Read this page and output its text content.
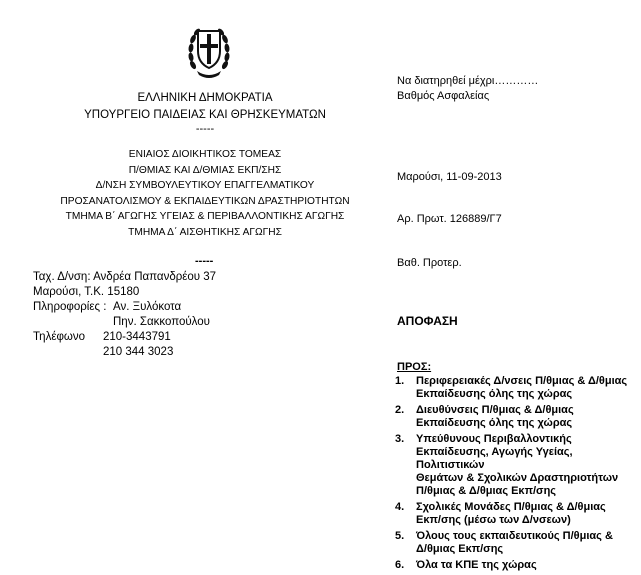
ΕΛΛΗΝΙΚΗ ΔΗΜΟΚΡΑΤΙΑ
ΥΠΟΥΡΓΕΙΟ ΠΑΙΔΕΙΑΣ ΚΑΙ ΘΡΗΣΚΕΥΜΑΤΩΝ
-----
ΕΝΙΑΙΟΣ ΔΙΟΙΚΗΤΙΚΟΣ ΤΟΜΕΑΣ
Π/ΘΜΙΑΣ ΚΑΙ Δ/ΘΜΙΑΣ ΕΚΠ/ΣΗΣ
Δ/ΝΣΗ ΣΥΜΒΟΥΛΕΥΤΙΚΟΥ ΕΠΑΓΓΕΛΜΑΤΙΚΟΥ
ΠΡΟΣΑΝΑΤΟΛΙΣΜΟΥ & ΕΚΠΑΙΔΕΥΤΙΚΩΝ ΔΡΑΣΤΗΡΙΟΤΗΤΩΝ
ΤΜΗΜΑ Β΄ ΑΓΩΓΗΣ ΥΓΕΙΑΣ & ΠΕΡΙΒΑΛΛΟΝΤΙΚΗΣ ΑΓΩΓΗΣ
ΤΜΗΜΑ Δ΄ ΑΙΣΘΗΤΙΚΗΣ ΑΓΩΓΗΣ
-----
Ταχ. Δ/νση: Ανδρέα Παπανδρέου 37
Μαρούσι, Τ.Κ. 15180
Πληροφορίες : Αν. Ξυλόκοτα
Πην. Σακκοπούλου
Τηλέφωνο 210-3443791
210 344 3023
Να διατηρηθεί μέχρι…………
Βαθμός Ασφαλείας
Μαρούσι, 11-09-2013
Αρ. Πρωτ. 126889/Γ7
Βαθ. Προτερ.
ΑΠΟΦΑΣΗ
ΠΡΟΣ:
1. Περιφερειακές Δ/νσεις Π/θμιας & Δ/θμιας
Εκπαίδευσης όλης της χώρας
2. Διευθύνσεις Π/θμιας & Δ/θμιας
Εκπαίδευσης όλης της χώρας
3. Υπεύθυνους Περιβαλλοντικής
Εκπαίδευσης, Αγωγής Υγείας, Πολιτιστικών
Θεμάτων & Σχολικών Δραστηριοτήτων
Π/θμιας & Δ/θμιας Εκπ/σης
4. Σχολικές Μονάδες Π/θμιας & Δ/θμιας
Εκπ/σης (μέσω των Δ/νσεων)
5. Όλους τους εκπαιδευτικούς Π/θμιας &
Δ/θμιας Εκπ/σης
6. Όλα τα ΚΠΕ της χώρας
